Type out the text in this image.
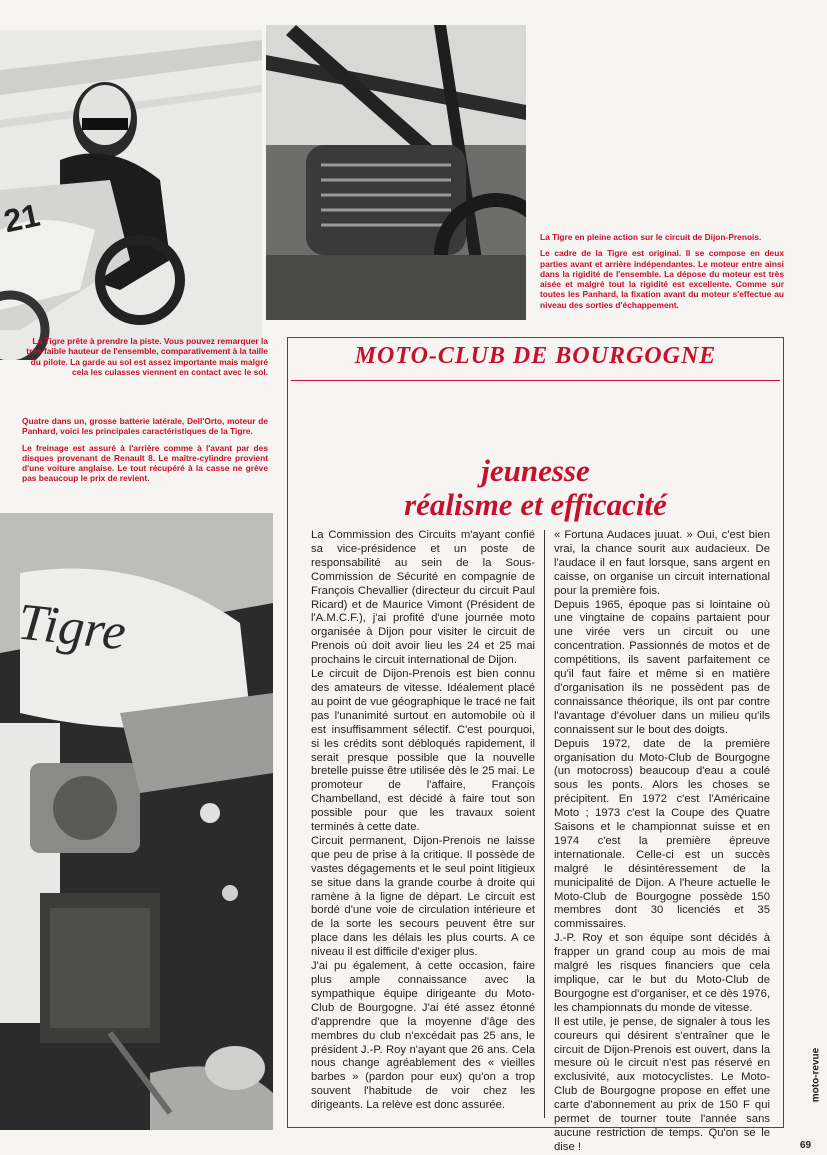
21
Tigre

La Tigre en pleine action sur le circuit de Dijon-Prenois.

Le cadre de la Tigre est original. Il se compose en deux parties avant et arrière indépendantes. Le moteur entre ainsi dans la rigidité de l'ensemble. La dépose du moteur est très aisée et malgré tout la rigidité est excellente. Comme sur toutes les Panhard, la fixation avant du moteur s'effectue au niveau des sorties d'échappement.

La Tigre prête à prendre la piste. Vous pouvez remarquer la très faible hauteur de l'ensemble, comparativement à la taille du pilote. La garde au sol est assez importante mais malgré cela les culasses viennent en contact avec le sol.

Quatre dans un, grosse batterie latérale, Dell'Orto, moteur de Panhard, voici les principales caractéristiques de la Tigre.

Le freinage est assuré à l'arrière comme à l'avant par des disques provenant de Renault 8. Le maître-cylindre provient d'une voiture anglaise. Le tout récupéré à la casse ne grève pas beaucoup le prix de revient.

MOTO-CLUB DE BOURGOGNE
jeunesse
réalisme et efficacité

La Commission des Circuits m'ayant confié sa vice-présidence et un poste de responsabilité au sein de la Sous-Commission de Sécurité en compagnie de François Chevallier (directeur du circuit Paul Ricard) et de Maurice Vimont (Président de l'A.M.C.F.), j'ai profité d'une journée moto organisée à Dijon pour visiter le circuit de Prenois où doit avoir lieu les 24 et 25 mai prochains le circuit international de Dijon.

Le circuit de Dijon-Prenois est bien connu des amateurs de vitesse. Idéalement placé au point de vue géographique le tracé ne fait pas l'unanimité surtout en automobile où il est insuffisamment sélectif. C'est pourquoi, si les crédits sont débloqués rapidement, il serait presque possible que la nouvelle bretelle puisse être utilisée dès le 25 mai. Le promoteur de l'affaire, François Chambelland, est décidé à faire tout son possible pour que les travaux soient terminés à cette date.

Circuit permanent, Dijon-Prenois ne laisse que peu de prise à la critique. Il possède de vastes dégagements et le seul point litigieux se situe dans la grande courbe à droite qui ramène à la ligne de départ. Le circuit est bordé d'une voie de circulation intérieure et de la sorte les secours peuvent être sur place dans les délais les plus courts. A ce niveau il est difficile d'exiger plus.

J'ai pu également, à cette occasion, faire plus ample connaissance avec la sympathique équipe dirigeante du Moto-Club de Bourgogne. J'ai été assez étonné d'apprendre que la moyenne d'âge des membres du club n'excédait pas 25 ans, le président J.-P. Roy n'ayant que 26 ans. Cela nous change agréablement des « vieilles barbes » (pardon pour eux) qu'on a trop souvent l'habitude de voir chez les dirigeants. La relève est donc assurée.

« Fortuna Audaces juuat. » Oui, c'est bien vrai, la chance sourit aux audacieux. De l'audace il en faut lorsque, sans argent en caisse, on organise un circuit international pour la première fois.

Depuis 1965, époque pas si lointaine où une vingtaine de copains partaient pour une virée vers un circuit ou une concentration. Passionnés de motos et de compétitions, ils savent parfaitement ce qu'il faut faire et même si en matière d'organisation ils ne possèdent pas de connaissance théorique, ils ont par contre l'avantage d'évoluer dans un milieu qu'ils connaissent sur le bout des doigts.

Depuis 1972, date de la première organisation du Moto-Club de Bourgogne (un motocross) beaucoup d'eau a coulé sous les ponts. Alors les choses se précipitent. En 1972 c'est l'Américaine Moto ; 1973 c'est la Coupe des Quatre Saisons et le championnat suisse et en 1974 c'est la première épreuve internationale. Celle-ci est un succès malgré le désintéressement de la municipalité de Dijon. A l'heure actuelle le Moto-Club de Bourgogne possède 150 membres dont 30 licenciés et 35 commissaires.

J.-P. Roy et son équipe sont décidés à frapper un grand coup au mois de mai malgré les risques financiers que cela implique, car le but du Moto-Club de Bourgogne est d'organiser, et ce dès 1976, les championnats du monde de vitesse.

Il est utile, je pense, de signaler à tous les coureurs qui désirent s'entraîner que le circuit de Dijon-Prenois est ouvert, dans la mesure où le circuit n'est pas réservé en exclusivité, aux motocyclistes. Le Moto-Club de Bourgogne propose en effet une carte d'abonnement au prix de 150 F qui permet de tourner toute l'année sans aucune restriction de temps. Qu'on se le dise !

moto-revue
69
